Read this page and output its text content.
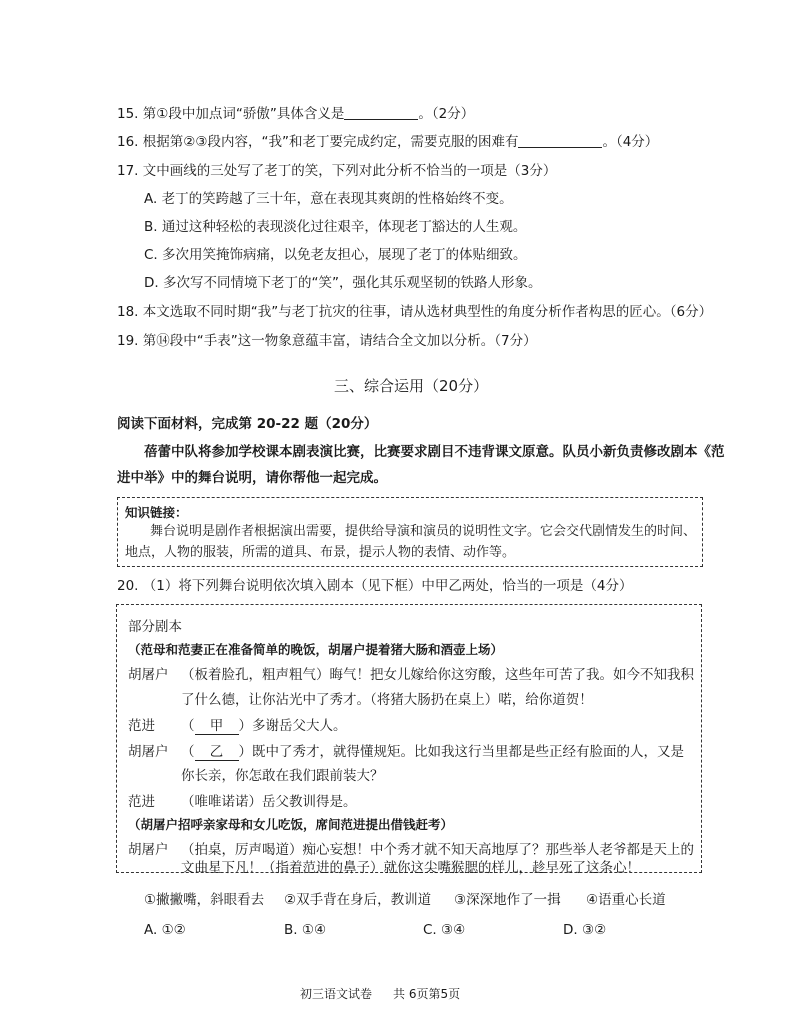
15. 第①段中加点词“骄傲”具体含义是	。（2分）
16. 根据第②③段内容，“我”和老丁要完成约定，需要克服的困难有	。（4分）
17. 文中画线的三处写了老丁的笑，下列对此分析不恰当的一项是（3分）
A. 老丁的笑跨越了三十年，意在表现其爽朗的性格始终不变。
B. 通过这种轻松的表现淡化过往艰辛，体现老丁豁达的人生观。
C. 多次用笑掩饰病痛，以免老友担心，展现了老丁的体贴细致。
D. 多次写不同情境下老丁的“笑”，强化其乐观坚韧的铁路人形象。
18. 本文选取不同时期“我”与老丁抗灾的往事，请从选材典型性的角度分析作者构思的匠心。（6分）
19. 第⑭段中“手表”这一物象意蕴丰富，请结合全文加以分析。（7分）
三、综合运用（20分）
阅读下面材料，完成第 20-22 题（20分）
蓓蕾中队将参加学校课本剧表演比赛，比赛要求剧目不违背课文原意。队员小新负责修改剧本《范
进中举》中的舞台说明，请你帮他一起完成。
知识链接：
舞台说明是剧作者根据演出需要，提供给导演和演员的说明性文字。它会交代剧情发生的时间、
地点，人物的服装，所需的道具、布景，提示人物的表情、动作等。
20. （1）将下列舞台说明依次填入剧本（见下框）中甲乙两处，恰当的一项是（4分）
部分剧本
（范母和范妻正在准备简单的晚饭，胡屠户提着猪大肠和酒壶上场）
胡屠户 （板着脸孔，粗声粗气）晦气！把女儿嫁给你这穷酸，这些年可苦了我。如今不知我积
了什么德，让你沾光中了秀才。（将猪大肠扔在桌上）喏，给你道贺！
范进 （ 甲 ）多谢岳父大人。
胡屠户 （ 乙 ）既中了秀才，就得懂规矩。比如我这行当里都是些正经有脸面的人，又是
你长亲，你怎敢在我们跟前装大？
范进 （唯唯诺诺）岳父教训得是。
（胡屠户招呼亲家母和女儿吃饭，席间范进提出借钱赶考）
胡屠户 （拍桌，厉声喝道）痴心妄想！中个秀才就不知天高地厚了？那些举人老爷都是天上的
文曲星下凡！（指着范进的鼻子）就你这尖嘴猴腮的样儿，趁早死了这条心！
①撇撇嘴，斜眼看去 ②双手背在身后，教训道 ③深深地作了一揖 ④语重心长道
A. ①②	B. ①④	C. ③④	D. ③②
初三语文试卷 共 6页第5页
